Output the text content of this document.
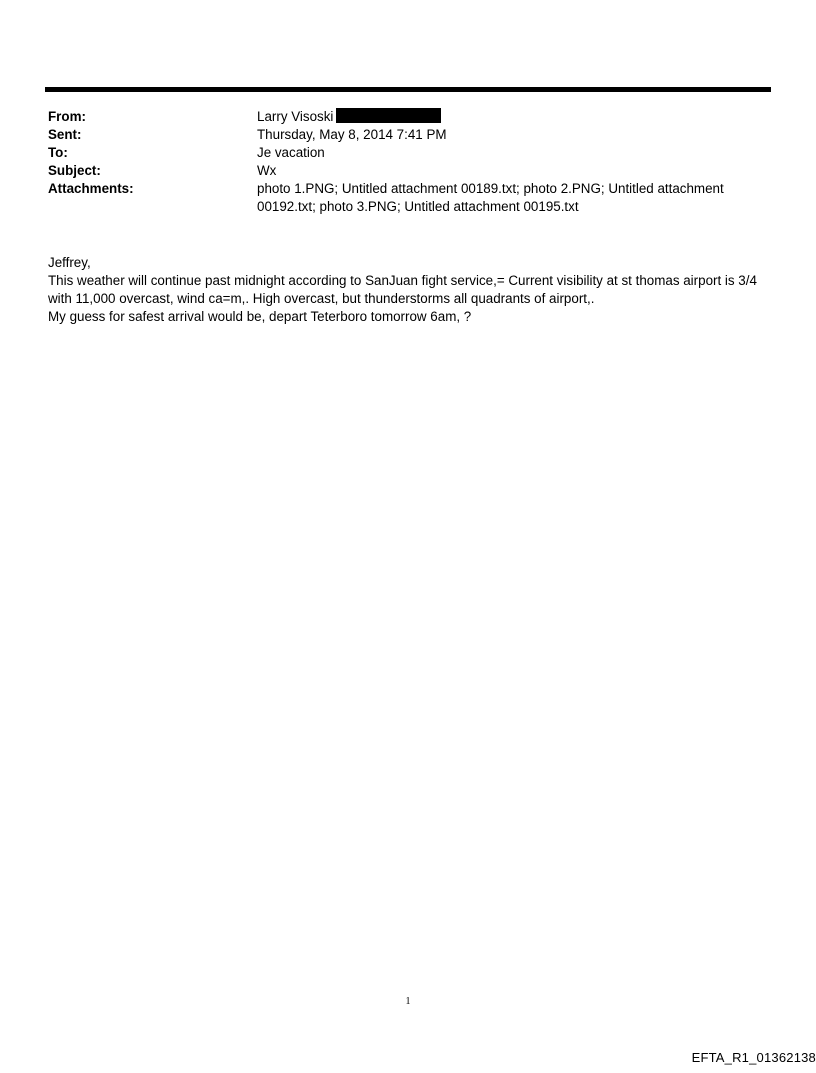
From:	Larry Visoski
Sent:	Thursday, May 8, 2014 7:41 PM
To:	Je vacation
Subject:	Wx
Attachments:	photo 1.PNG; Untitled attachment 00189.txt; photo 2.PNG; Untitled attachment 00192.txt; photo 3.PNG; Untitled attachment 00195.txt

Jeffrey,

This weather will continue past midnight according to SanJuan fight service,= Current visibility at st thomas airport is 3/4 with 11,000 overcast, wind ca=m,. High overcast, but thunderstorms all quadrants of airport,.

My guess for safest arrival would be, depart Teterboro tomorrow 6am, ?

1
EFTA_R1_01362138
